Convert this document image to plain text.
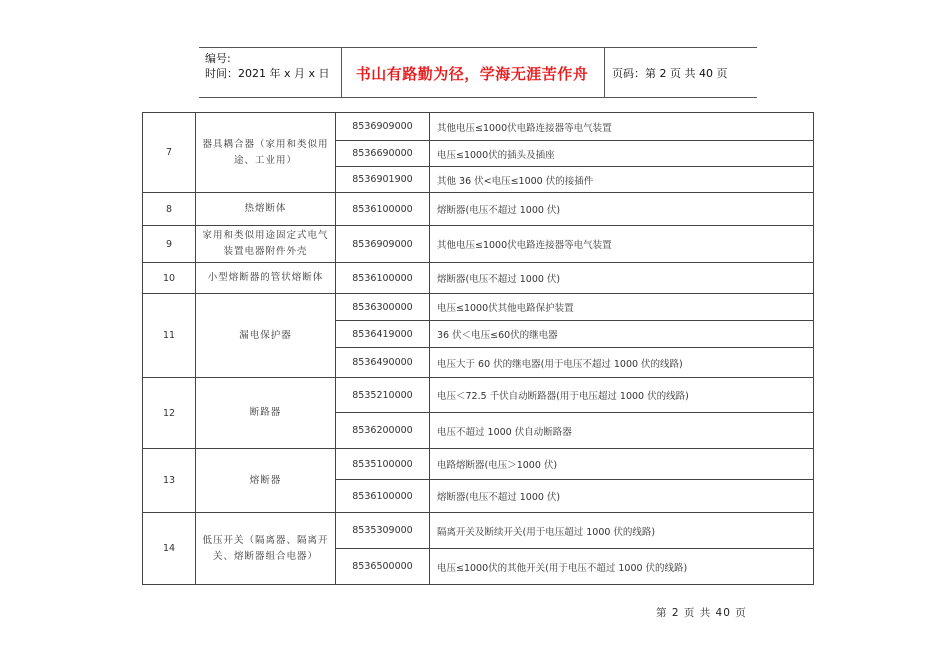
编号:
时间：2021 年 x 月 x 日	书山有路勤为径，学海无涯苦作舟	页码：第 2 页 共 40 页
7	器具耦合器（家用和类似用途、工业用）	8536909000	其他电压≤1000伏电路连接器等电气装置
		8536690000	电压≤1000伏的插头及插座
		8536901900	其他 36 伏<电压≤1000 伏的接插件
8	热熔断体	8536100000	熔断器(电压不超过 1000 伏)
9	家用和类似用途固定式电气装置电器附件外壳	8536909000	其他电压≤1000伏电路连接器等电气装置
10	小型熔断器的管状熔断体	8536100000	熔断器(电压不超过 1000 伏)
11	漏电保护器	8536300000	电压≤1000伏其他电路保护装置
		8536419000	36 伏＜电压≤60伏的继电器
		8536490000	电压大于 60 伏的继电器(用于电压不超过 1000 伏的线路)
12	断路器	8535210000	电压＜72.5 千伏自动断路器(用于电压超过 1000 伏的线路)
		8536200000	电压不超过 1000 伏自动断路器
13	熔断器	8535100000	电路熔断器(电压＞1000 伏)
		8536100000	熔断器(电压不超过 1000 伏)
14	低压开关（隔离器、隔离开关、熔断器组合电器）	8535309000	隔离开关及断续开关(用于电压超过 1000 伏的线路)
		8536500000	电压≤1000伏的其他开关(用于电压不超过 1000 伏的线路)
第 2 页 共 40 页
